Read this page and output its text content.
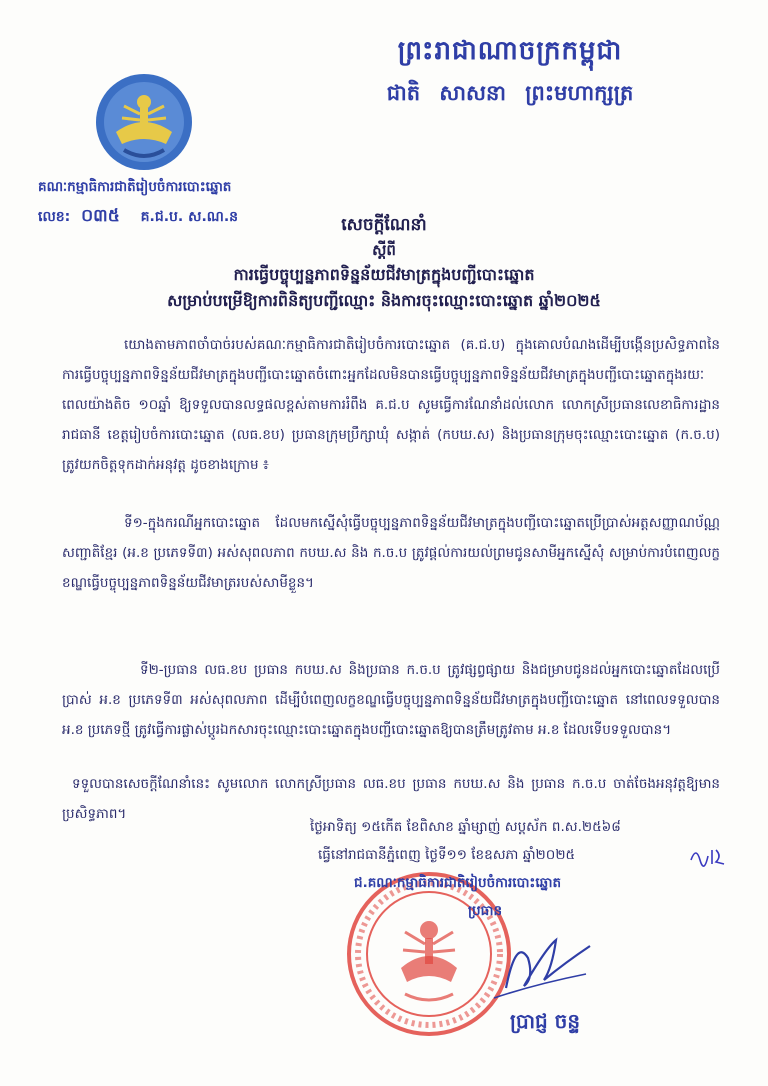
ព្រះរាជាណាចក្រកម្ពុជា
ជាតិ សាសនា ព្រះមហាក្សត្រ
គណៈកម្មាធិការជាតិរៀបចំការបោះឆ្នោត
លេខ: ០៣៥ គ.ជ.ប. ស.ណ.ន	សេចក្តីណែនាំ
ស្តីពី
ការធ្វើបច្ចុប្បន្នភាពទិន្នន័យជីវមាត្រក្នុងបញ្ជីបោះឆ្នោត
សម្រាប់បម្រើឱ្យការពិនិត្យបញ្ជីឈ្មោះ និងការចុះឈ្មោះបោះឆ្នោត ឆ្នាំ២០២៥
យោងតាមភាពចាំបាច់របស់គណៈកម្មាធិការជាតិរៀបចំការបោះឆ្នោត (គ.ជ.ប) ក្នុងគោលបំណងដើម្បីបង្កើនប្រសិទ្ធភាពនៃការធ្វើបច្ចុប្បន្នភាពទិន្នន័យជីវមាត្រក្នុងបញ្ជីបោះឆ្នោតចំពោះអ្នកដែលមិនបានធ្វើបច្ចុប្បន្នភាពទិន្នន័យជីវមាត្រក្នុងបញ្ជីបោះឆ្នោតក្នុងរយៈពេលយ៉ាងតិច ១០ឆ្នាំ ឱ្យទទួលបានលទ្ធផលខ្ពស់តាមការរំពឹង គ.ជ.ប សូមធ្វើការណែនាំដល់លោក លោកស្រីប្រធានលេខាធិការដ្ឋានរាជធានី ខេត្តរៀបចំការបោះឆ្នោត (លធ.ខប) ប្រធានក្រុមប្រឹក្សាឃុំ សង្កាត់ (កបឃ.ស) និងប្រធានក្រុមចុះឈ្មោះបោះឆ្នោត (ក.ច.ប) ត្រូវយកចិត្តទុកដាក់អនុវត្ត ដូចខាងក្រោម ៖
ទី១-ក្នុងករណីអ្នកបោះឆ្នោត ដែលមកស្នើសុំធ្វើបច្ចុប្បន្នភាពទិន្នន័យជីវមាត្រក្នុងបញ្ជីបោះឆ្នោតប្រើប្រាស់អត្តសញ្ញាណប័ណ្ណសញ្ជាតិខ្មែរ (អ.ខ ប្រភេទទី៣) អស់សុពលភាព កបឃ.ស និង ក.ច.ប ត្រូវផ្តល់ការយល់ព្រមជូនសាមីអ្នកស្នើសុំ សម្រាប់ការបំពេញលក្ខខណ្ឌធ្វើបច្ចុប្បន្នភាពទិន្នន័យជីវមាត្ររបស់សាមីខ្លួន។
ទី២-ប្រធាន លធ.ខប ប្រធាន កបឃ.ស និងប្រធាន ក.ច.ប ត្រូវផ្សព្វផ្សាយ និងជម្រាបជូនដល់អ្នកបោះឆ្នោតដែលប្រើប្រាស់ អ.ខ ប្រភេទទី៣ អស់សុពលភាព ដើម្បីបំពេញលក្ខខណ្ឌធ្វើបច្ចុប្បន្នភាពទិន្នន័យជីវមាត្រក្នុងបញ្ជីបោះឆ្នោត នៅពេលទទួលបាន អ.ខ ប្រភេទថ្មី ត្រូវធ្វើការផ្លាស់ប្តូរឯកសារចុះឈ្មោះបោះឆ្នោតក្នុងបញ្ជីបោះឆ្នោតឱ្យបានត្រឹមត្រូវតាម អ.ខ ដែលទើបទទួលបាន។
ទទួលបានសេចក្តីណែនាំនេះ សូមលោក លោកស្រីប្រធាន លធ.ខប ប្រធាន កបឃ.ស និង ប្រធាន ក.ច.ប ចាត់ចែងអនុវត្តឱ្យមានប្រសិទ្ធភាព។
ថ្ងៃអាទិត្យ ១៥កើត ខែពិសាខ ឆ្នាំម្សាញ់ សប្តស័ក ព.ស.២៥៦៨
ធ្វើនៅរាជធានីភ្នំពេញ ថ្ងៃទី១១ ខែឧសភា ឆ្នាំ២០២៥
ជ.គណៈកម្មាធិការជាតិរៀបចំការបោះឆ្នោត
ប្រធាន
ប្រាជ្ញ ចន្ទ
